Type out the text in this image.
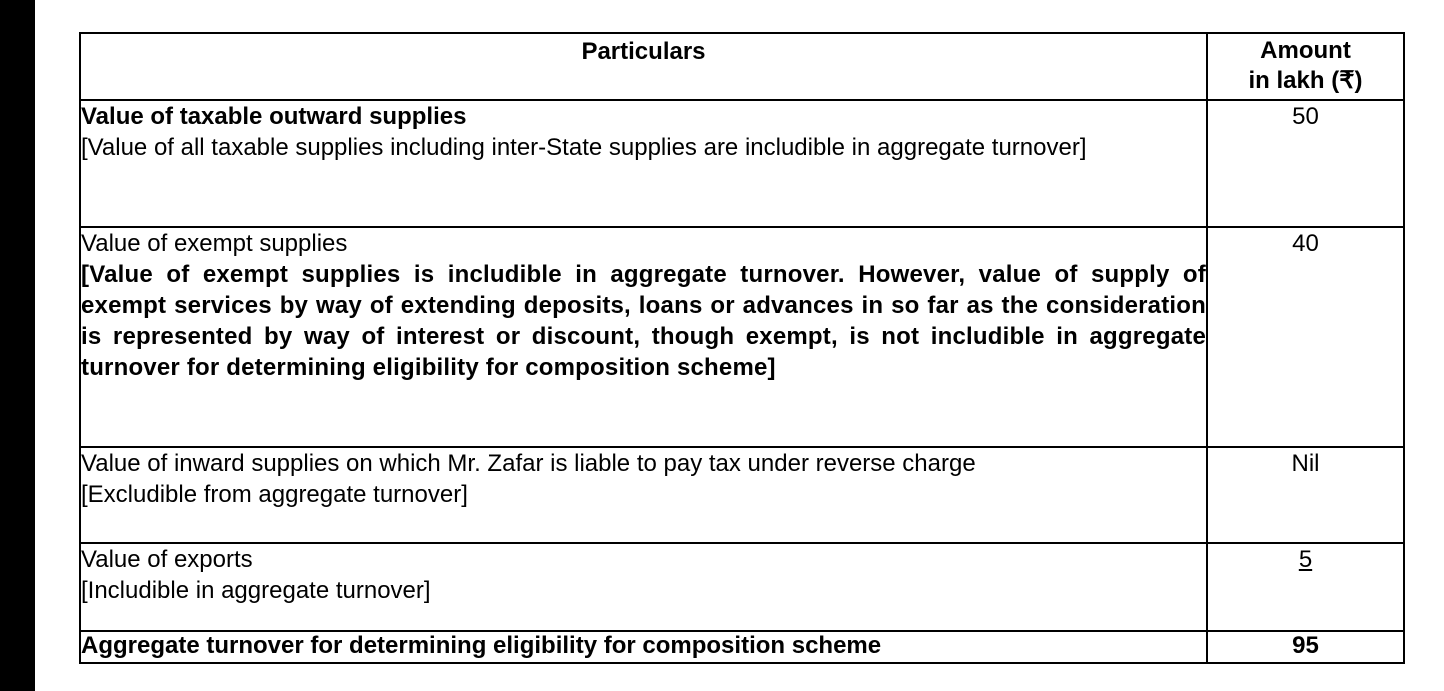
Particulars	Amount
in lakh (₹)

Value of taxable outward supplies
[Value of all taxable supplies including inter-State supplies are includible in aggregate turnover]	50

Value of exempt supplies
[Value of exempt supplies is includible in aggregate turnover. However, value of supply of exempt services by way of extending deposits, loans or advances in so far as the consideration is represented by way of interest or discount, though exempt, is not includible in aggregate turnover for determining eligibility for composition scheme]	40

Value of inward supplies on which Mr. Zafar is liable to pay tax under reverse charge
[Excludible from aggregate turnover]	Nil

Value of exports
[Includible in aggregate turnover]	5
Aggregate turnover for determining eligibility for composition scheme	95
